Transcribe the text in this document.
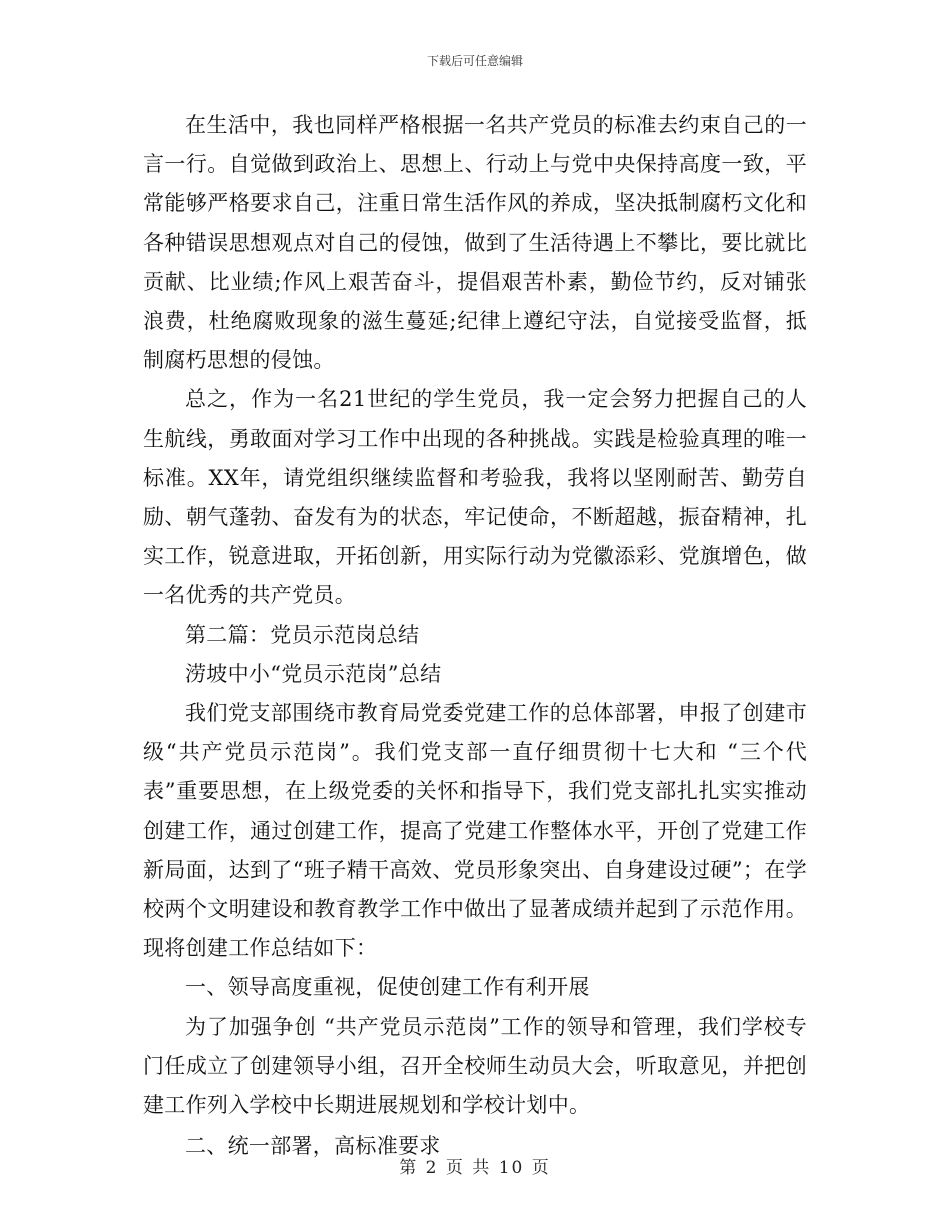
下载后可任意编辑

在生活中，我也同样严格根据一名共产党员的标准去约束自己的一言一行。自觉做到政治上、思想上、行动上与党中央保持高度一致，平常能够严格要求自己，注重日常生活作风的养成，坚决抵制腐朽文化和各种错误思想观点对自己的侵蚀，做到了生活待遇上不攀比，要比就比贡献、比业绩;作风上艰苦奋斗，提倡艰苦朴素，勤俭节约，反对铺张浪费，杜绝腐败现象的滋生蔓延;纪律上遵纪守法，自觉接受监督，抵制腐朽思想的侵蚀。

总之，作为一名21世纪的学生党员，我一定会努力把握自己的人生航线，勇敢面对学习工作中出现的各种挑战。实践是检验真理的唯一标准。XX年，请党组织继续监督和考验我，我将以坚刚耐苦、勤劳自励、朝气蓬勃、奋发有为的状态，牢记使命，不断超越，振奋精神，扎实工作，锐意进取，开拓创新，用实际行动为党徽添彩、党旗增色，做一名优秀的共产党员。

第二篇：党员示范岗总结

涝坡中小“党员示范岗”总结

我们党支部围绕市教育局党委党建工作的总体部署，申报了创建市级“共产党员示范岗”。我们党支部一直仔细贯彻十七大和 “三个代表”重要思想，在上级党委的关怀和指导下，我们党支部扎扎实实推动创建工作，通过创建工作，提高了党建工作整体水平，开创了党建工作新局面，达到了“班子精干高效、党员形象突出、自身建设过硬”；在学校两个文明建设和教育教学工作中做出了显著成绩并起到了示范作用。现将创建工作总结如下：

一、领导高度重视，促使创建工作有利开展

为了加强争创 “共产党员示范岗”工作的领导和管理，我们学校专门任成立了创建领导小组，召开全校师生动员大会，听取意见，并把创建工作列入学校中长期进展规划和学校计划中。

二、统一部署，高标准要求

第 2 页 共 10 页
